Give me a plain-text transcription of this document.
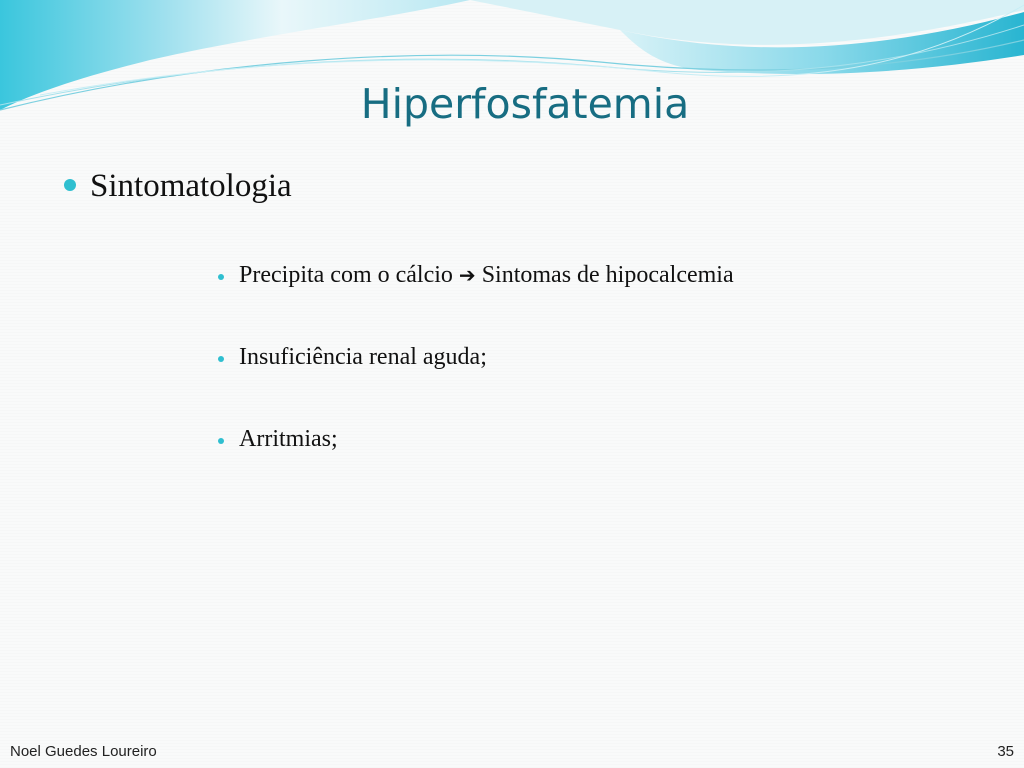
Hiperfosfatemia
Sintomatologia
Precipita com o cálcio ➔ Sintomas de hipocalcemia
Insuficiência renal aguda;
Arritmias;
Noel Guedes Loureiro	35
